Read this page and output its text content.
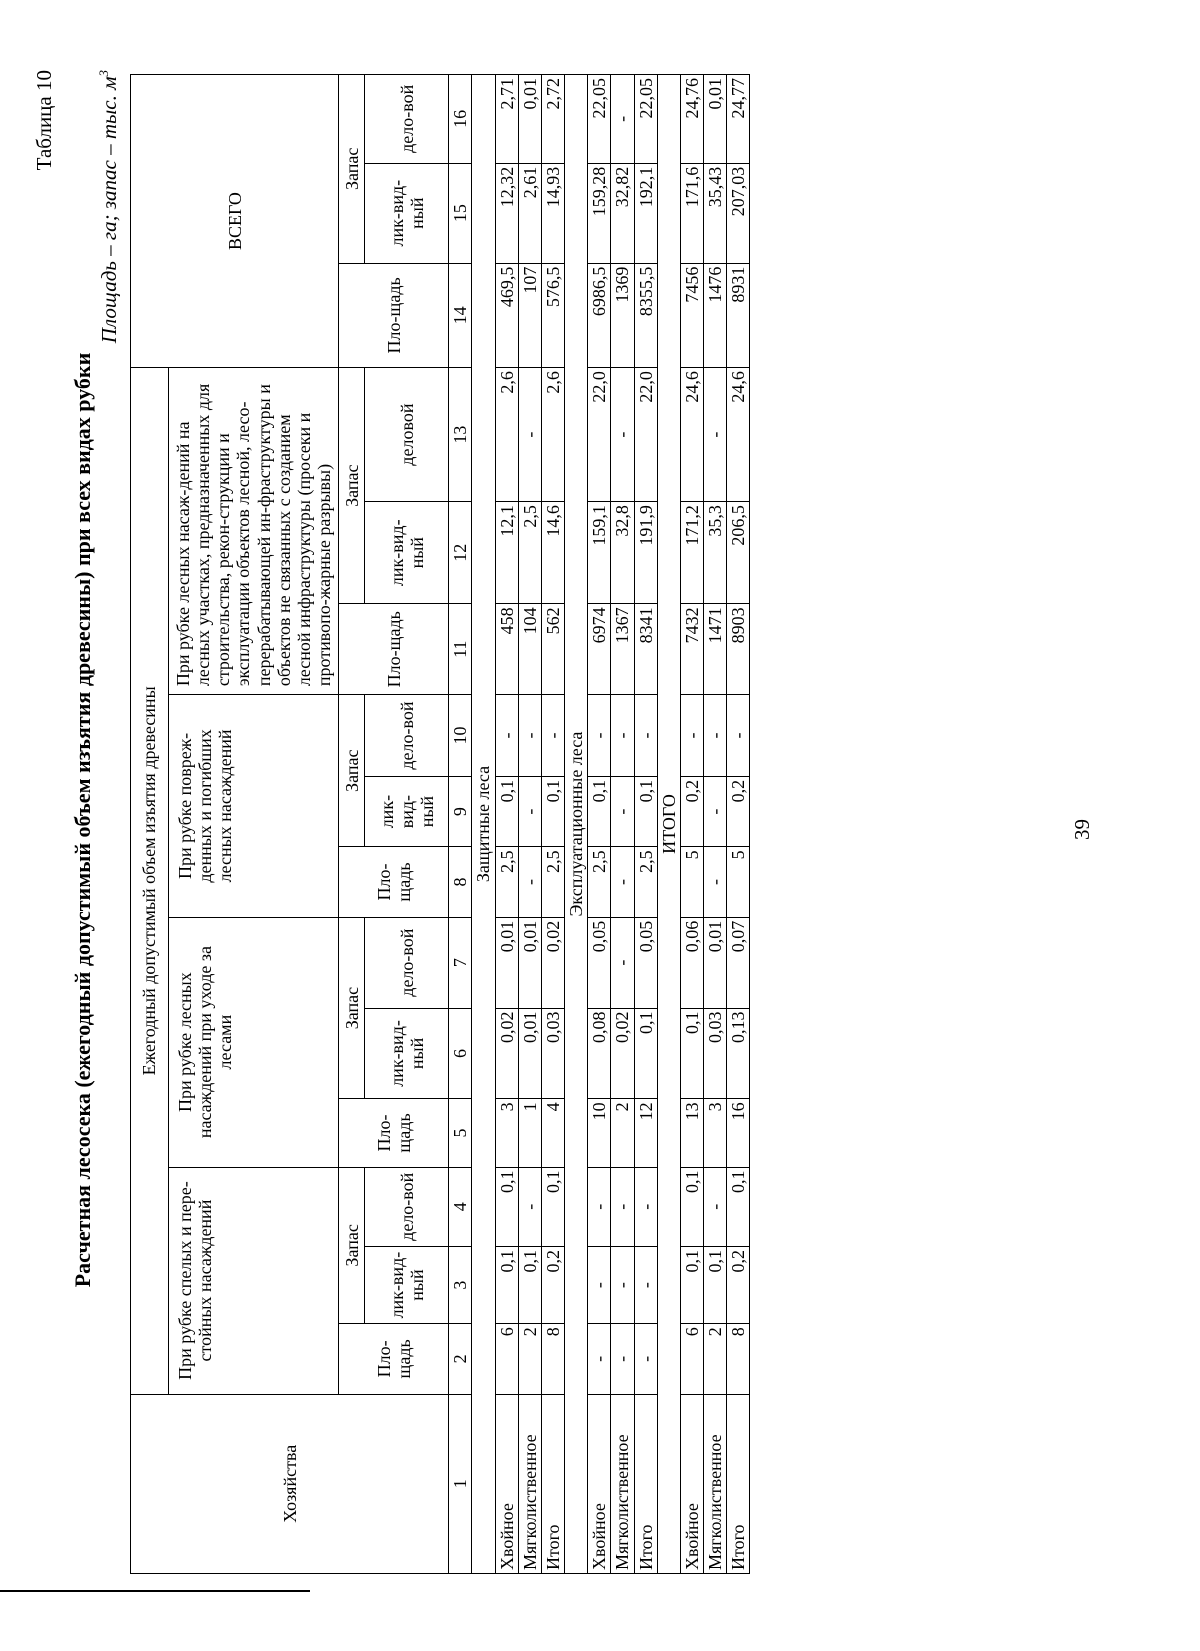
Таблица 10
Расчетная лесосека (ежегодный допустимый объем изъятия древесины) при всех видах рубки
Площадь – га; запас – тыс. $м^3$
Хозяйства	Ежегодный допустимый объем изъятия древесины												ВСЕГО		
	При рубке спелых и пере-стойных насаждений			При рубке лесных насаждений при уходе за лесами			При рубке повреж-денных и погибших лесных насаждений			При рубке лесных насаж-дений на лесных участках, предназначенных для строительства, рекон-струкции и эксплуатации объектов лесной, лесо-перерабатывающей ин-фраструктуры и объектов не связанных с созданием лесной инфраструктуры (просеки и противопо-жарные разрывы)					

	Пло-щадь	Запас		Пло-щадь	Запас		Пло-щадь	Запас		Пло-щадь	Запас		Пло-щадь	Запас	
		лик-вид-ный	дело-вой		лик-вид-ный	дело-вой		лик-вид-ный	дело-вой		лик-вид-ный	деловой		лик-вид-ный	дело-вой
1	2	3	4	5	6	7	8	9	10	11	12	13	14	15	16
Защитные леса															
Хвойное	6	0,1	0,1	3	0,02	0,01	2,5	0,1	-	458	12,1	2,6	469,5	12,32	2,71
Мягколиственное	2	0,1	-	1	0,01	0,01	-	-	-	104	2,5	-	107	2,61	0,01
Итого	8	0,2	0,1	4	0,03	0,02	2,5	0,1	-	562	14,6	2,6	576,5	14,93	2,72
Эксплуатационные леса															
Хвойное	-	-	-	10	0,08	0,05	2,5	0,1	-	6974	159,1	22,0	6986,5	159,28	22,05
Мягколиственное	-	-	-	2	0,02	-	-	-	-	1367	32,8	-	1369	32,82	-
Итого	-	-	-	12	0,1	0,05	2,5	0,1	-	8341	191,9	22,0	8355,5	192,1	22,05
ИТОГО															
Хвойное	6	0,1	0,1	13	0,1	0,06	5	0,2	-	7432	171,2	24,6	7456	171,6	24,76
Мягколиственное	2	0,1	-	3	0,03	0,01	-	-	-	1471	35,3	-	1476	35,43	0,01
Итого	8	0,2	0,1	16	0,13	0,07	5	0,2	-	8903	206,5	24,6	8931	207,03	24,77
39
